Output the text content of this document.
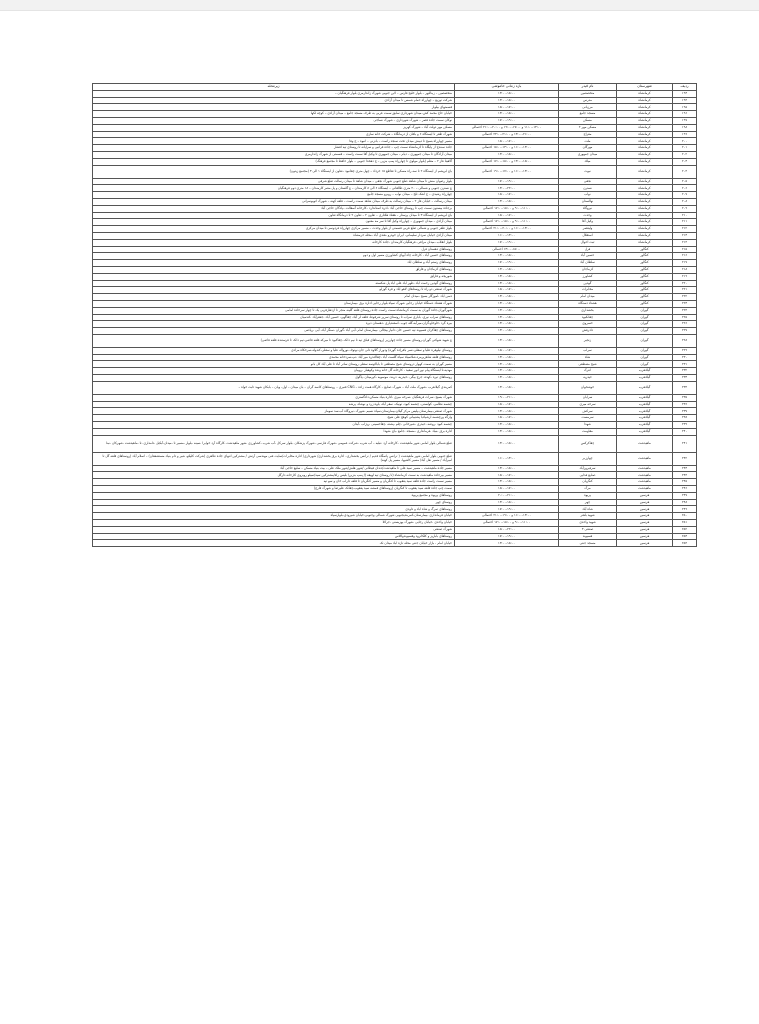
ردیف	شهرستان	نام فیدر	بازه زمانی خاموشی	زیرمحله
۱۹۳	کرمانشاه	متخصصین	۱۳:۰۰-۱۵:۰۰	متخصصین – زینالنهر – بلوار خلیج فارس – لاین جنوبی شهرک زاندارمری بلوار فرهنگیان –
۱۹۴	کرمانشاه	مدرس	۱۳:۰۰-۱۵:۰۰	شرکت توزیع – چهارراه حمام شمس تا میدان آزادی
۱۹۵	کرمانشاه	مرزبانی	۱۵:۰۰-۱۷:۰۰	قسمتهای بیلوار
۱۹۶	کرمانشاه	مسجد جامع	۱۳:۰۰-۱۵:۰۰	خیابان حاج محمد کش–میدان شهرداری سابق سمت غربی به طرف مسجد جامع – میدان آزادی – کوچه لکها
۱۹۷	کرمانشاه	مسکن	۱۷:۰۰-۱۹:۰۰	نوکان سمت جاده قصر – شهرک شهرداری – شهرک نساجی
۱۹۸	کرمانشاه	مسکن مهر ۲	۱۱:۰۰-۱۳:۰۰ و ۱۷:۰۰-۱۹:۰۰ و ۲۰:۰۰-۲۱:۰۰ احتمالی	مسکن مهر دولت آباد – شهرک کهریز
۱۹۹	کرمانشاه	معراج	۱۳:۰۰-۲۱:۰۰ و ۲۱:۰۰-۲۳:۰۰ احتمالی	شهرک ظفر تا ایستگاه ۶ و باغان از درمانگاه – شرکت خانه سازی
۲۰۰	کرمانشاه	ملت	۱۵:۰۰-۱۷:۰۰	مسیر چهارراه بسیج تا دبیش میدان تخت سنجد راست – بانزنی – انبوه – ج وفا
۲۰۱	کرمانشاه	مهرگان	۱۱:۰۰-۱۳:۰۰ و ۱۳:۰۰-۱۵:۰۰ احتمالی	جاده سنندج از پایگاه تا کرمانشاه سمت چپ – جاده قرانیی و سرایانه تا روستای تپه افشار
۲۰۲	کرمانشاه	میدان جمهوری	۱۳:۰۰-۱۵:۰۰	میدان آزادگان تا میدان جمهوری – دیام – میدان جمهوری تا وکیل آقا سمت راست – قسمتی از شهرک زاندارمری
۲۰۳	کرمانشاه	میلاد	۱۳:۰۰-۱۵:۰۰ و ۱۵:۰۰-۱۷:۰۰ احتمالی	آلاهیتا فاز ۲ – معلم (بلوار مولوی تا چهارراه پمپ بنزین – ج دهخدا جنوبی – بلوار حافظ تا مجتمع فرهنگ)
۲۰۴	کرمانشاه	نبوت	۱۱:۰۰-۱۳:۰۰ و ۱۷:۰۰-۱۹:۰۰ احتمالی	باغ ابریشم از ایستگاه ۲ تا سه راه مسکن تا تقاطع ۱۵ خرداد – چهل متری چقانبود –تعاون از ایستگاه ۱ الی ۳ (مجتمع زیتون)
۲۰۵	کرمانشاه	نجفی	۱۷:۰۰-۱۹:۰۰	بلوار رضوان منش تا میدان شاهد ضلع جنوبی شهرک نجفی – میدان شاهد تا میدان رسالت ضلع شرقی
۲۰۶	کرمانشاه	نسترن	۱۳:۰۰-۲۲:۰۰	غ نسترن جنوبی و شمالی – ۲۰ متری طالقانی – ایستگاه ۶ الی ۸ کارمندان – غ گلستان و پل مصر کارمندان – ۱۸ متری دوم فرهنگیان
۲۰۷	کرمانشاه	نواب	۱۵:۰۰-۱۷:۰۰	چهارراه رشیدی – ج اشک تلخ – میدان نواب – روبرو مسجد جامع
۲۰۸	کرمانشاه	نهالستان	۱۳:۰۰-۱۵:۰۰	میدان رسالت – خیابان فاز ۲ – میدان رسالت به طرف میدان شاهد سمت راست – قلعه کهنه – شهرک اتوبوسرانی
۲۰۹	کرمانشاه	نیروگاه	۹:۰۰-۱۱:۰۰ و ۱۵:۰۰-۱۷:۰۰ احتمالی	برجاده بیستون سمت چپ تا روستای حاجی آباد –ادره استاندارد –کارخانه آسفالت –پادگان حاجی آباد
۲۱۰	کرمانشاه	وحدت	۱۵:۰۰-۱۷:۰۰	باغ ابریشم از ایستگاه ۳ تا میدان پرستار – هفتاد هکتاری – تعاون ۲ – تعاون ۲ تا درمانگاه تعاون
۲۱۱	کرمانشاه	وکیل آقا	۹:۰۰-۱۱:۰۰ و ۱۵:۰۰-۱۷:۰۰ احتمالی	میدان آزادی – میدان جمهوری – چهارراه وکیل آقا تا سر مه معنون
۲۱۲	کرمانشاه	ولیعصر	۱۱:۰۰-۱۳:۰۰ و ۲۰:۰۰-۲۱:۰۰ احتمالی	بلوار ظفر جنوبی و شمالی ضلع غربی قسمتی از بلوار وحدت – مسیر مرکزی چهارراه فردوسی تا میدان مرکزی
۲۱۳	کرمانشاه	استقلال	۱۱:۰۰-۱۳:۰۰	میدان آزادی خیابان سردار سلیمانی، ایران خودرو ،هندی آباد ،محله خرمشاه
۲۱۴	کرمانشاه	ثبت احوال	۱۷:۰۰-۱۹:۰۰	بلوار انقلاب ،میدان مراقی ،فرهنگیان،کارمندان ،جاده کارخانه
۲۱۵	کنگاور	فرل	۱۳:۰۰-۱۵:۰۰ احتمالی	روستاهای دهستان فرل
۲۱۶	کنگاور	حسین آباد	۱۳:۰۰-۱۵:۰۰	روستاهای خسین آباد ، کارخانه چاه آبهای کشاورزی مسیر اول و دوم
۲۱۷	کنگاور	سلطان آباد	۱۷:۰۰-۱۹:۰۰	روستاهای رستم آباد و سلطان اباد
۲۱۸	کنگاور	کرماجان	۱۳:۰۰-۱۵:۰۰	روستاهای کرماجان و قارلق
۲۱۹	کنگاور	کشاورز	۱۳:۰۰-۱۵:۰۰	شوریجه و قارلق
۲۲۰	کنگاور	گودین	۱۳:۰۰-۱۵:۰۰	روستاهای گودین رحمت اباد ،طهر اباد علی اباد پل شکسته
۲۲۱	کنگاور	مخابرات	۱۵:۰۰-۱۷:۰۰	شهرک صنعتی دو راه تا روستاهای لاهو اباد و قره گوزلو
۲۲۲	کنگاور	میدان امام	۱۳:۰۰-۱۵:۰۰	دسن اباد ،اموزگار بسیج ،میدان امام
۲۲۳	کنگاور	هشتاد دستگاه	۱۳:۰۰-۱۵:۰۰	شهرک هشتاد دستگاه خیابان رجایی شهرک سپاه بلوار رجایی اداره برق ،بیمارستان
۲۲۴	گوران	بخشداری	۱۳:۰۰-۱۵:۰۰	شهرگوران،جاده گوران به سمت کرمانشاه سمت راست جاده روستای قلعه گلینه منجر تا ازدهارقربی یک تا چهار سرخاده امامی
۲۲۵	گوران	چقانکبود	۱۳:۰۰-۱۵:۰۰	روستاهای سراب نیری، باباری سراب تا روستای سرپر شرقوط، قلعه لر آباد، چقاگهی، حسین آباد ،جعفرآباد ،کندمیان
۲۲۶	گوران	خسروی	۱۳:۰۰-۱۵:۰۰	ببره گرد ،خاوخاو،گران،میرآبه،گله جوب ،اسفندیاری ،دهستان دیره
۲۲۷	گوران	دادرفش	۱۳:۰۰-۱۵:۰۰	روستاهای چقاکران فسیوند تپه حسین خان دانیار بیجالی ،بیمارستان امام ،آبی آباد ،گوران ،سنگر آباد، آبی ،ریاضی
۲۲۸	گوران	زنجیر	۱۳:۰۰-۱۵:۰۰	غ شهید شوکتی گوران،روستای مسیر جاده چهارزبر (روستاهای قباق تپه تا نیم دانک–چقاکبود تا میرکه قلعه قاضی،تیم دانک تا فرستنده قلعه قاضی)
۲۲۹	گوران	سراب	۱۵:۰۰-۱۷:۰۰	روستای نیلوفره علیا و سفلی،نسر باقر(ده گوره) ودوراز گلاوه دلی جان،نوتوف،نورواله علیا و سفلی،کندوله،سرخکاه مرادی
۲۳۰	گوران	شاه	۱۳:۰۰-۱۵:۰۰	روستاهای قلعه شاهزیرمرد،شلاسیاه سیاه گلست آباد ،چقاکندره میر آباد ،تپ،سرذخانه محمدی
۲۳۱	گوران	شیخ مصطفی	۱۳:۰۰-۱۵:۰۰	مسیر گوران به سمت کهوار دروستای شیخ مصطفی تا باباکوسه سفلی روستای ساتر آباد تا علی آباد کل بانو
۲۳۲	گیلانغرب	انترک	۱۳:۰۰-۱۵:۰۰	مهدیه،تا ایستگاه پیام نور انور سفید ، کارخانه گل خانه ونده وکوهبار ،رویبان
۲۳۳	گیلانغرب	حیدریه	۱۳:۰۰-۱۵:۰۰	روستاهای تیره ،کهده، جرج بیگی ،حیدریه، دربند، موسویه ،کپرمیتان ،پاگول
۲۳۴	گیلانغرب	خوشخوان	۱۳:۰۰-۱۵:۰۰	کمربندی گیلانغرب –شهرک ملت آباد – شهرک صنایع – کارگاه همت زاده – CNG قنبری – روستاهای کاسه گران – بان میدان – اول، ویان – بابکان شهید ثابت خواه –
۲۳۵	گیلانغرب	سرابان	۱۹:۰۰-۲۱:۰۰	شهرک بسیج ،سرات فرهنگیان ،سرخه میری ،اداره بنیاد مسکن،دادگستری
۲۳۶	گیلانغرب	سرخه میری	۱۵:۰۰-۱۷:۰۰	چشمه نظامی، کولستی، چشمه کبود، تونیک، سفر آباد، باوه زرد و نوشاد، پرشه
۲۳۷	گیلانغرب	سرکش	۱۳:۰۰-۱۵:۰۰	شهرک صنعتی،بیمارستان،پلیس مرکز گیلان،بیمارستان،سپاه نسیم ،شهرک ،نیروگاه آب،سد سوماز
۲۳۸	گیلانغرب	سرمست	۱۵:۰۰-۱۷:۰۰	وارگه ورچشمه ارشیادبا پشتیبانی کوهچ علی شیخ،
۲۳۹	گیلانغرب	شهدا	۱۳:۰۰-۱۵:۰۰	چشمه کبود ،روضه ،حیدری ،شیرخانی ،چلم ،پشته ،چقاحسینی ،ریژاب ،آبدان
۲۴۰	گیلانغرب	مقاومت	۱۳:۰۰-۱۵:۰۰	اداره برق ،بنیاد ،فرمانداری ،مسجد ،جامع ،باغ ،شهدا
۲۴۱	ماهیدشت	چقاکرکس	۱۳:۰۰-۱۵:۰۰	ضلع شمالی بلوار امامی شهر ماهیدشت ،کارخانه آرد ،تبلیه – آب شرب ،شرکت عمومی ،شهرک فارسی ،شهرک پزشکان ،بلوار سرکل ،آب شرب ،کشاورزی ،شهر ماهیدشت ،کارگاه آرد خوابرا ،سینه ،بلوار ،مسیر تا ،میدان،آبکیل ،دامداری ،تا ،ماهیدشت ،شهرکان ،نبنا
۲۴۲	ماهیدشت	چهارزبر	۱۱:۰۰-۱۳:۰۰	ضلع جنوبی بلوار امامی شهر ماهیدشت ( ترانس پاسگاه قدیم / ترانس بخشداری– اداره برق بخشداری/ شهرداری/ اداره مخابرات/سایت فنی مهندسی آرتش / مشترکین انتهای جاده طاهری (شرکت کلپکو، شیر و دام بنیاد مستضعفان) – اسلام آباد (روستاهای قلعه گل تا امیرآباد / مسیر نعل آباد/ مسیر کاشیها، مسیر پل کهنه)
۲۴۳	ماهیدشت	سرفیروزآباد	۱۳:۰۰-۱۵:۰۰	مسیر جاده ماهیدشت – مسیر سید علی تا ماهیدشت/دندان قیطانی /شهر هلش/شهر ملک علی – بیت بنیاد مسکن – سلیع حاجی آباد
۲۴۴	ماهیدشت	صنایع فذایی	۱۵:۰۰-۱۷:۰۰	مسیر بیرجاده ماهیدشت به سمت کرمانشاه (تا روستای تپه لهیفه )/ پمپ بنزین/ بلیس راه/مشترکین سید/سیلو روبروی کارخانه دارگل
۲۴۵	ماهیدشت	کنگریان	۱۳:۰۰-۱۵:۰۰	مسیر سمت راست جاده قلعه سید یعقوب تا کنگریان و مسیر کنگریان تا قلعه داراب خان و سو تپه
۲۴۶	ماهیدشت	مرک	۱۵:۰۰-۱۷:۰۰	سمت چپ جاده قلعه سید یعقوب تا کنگریان (روستاهای قمشه سید یعقوب،چقانک علیرضا و شهرک قارچ)
۲۴۷	هرسین	پرپوه	۲۰:۰۰-۲۱:۰۰	روستاهای پریوه و مجتمع پریوه
۲۴۸	هرسین	چهر	۱۳:۰۰-۱۵:۰۰	روستای چهر
۲۴۹	هرسین	شاه آباد	۱۷:۰۰-۱۹:۰۰	روستاهای تمرگ و شاه اباد و داودی
۲۵۰	هرسین	شهید باهنر	۱۱:۰۰-۱۳:۰۰ و ۱۹:۰۰-۲۱:۰۰ احتمالی	خیابان فرمانداری ،بیمارستان،کمربندیجنوبی شهرک شمالی وجنوبی،خیابان شیرودی،بلوارسپاه
۲۵۱	هرسین	شهید واحدی	۹:۰۰-۱۱:۰۰ و ۱۵:۰۰-۱۷:۰۰ احتمالی	خیابان واحدی ،خیابان رجایی ،شهرک بهزیستی ،جرکلا
۲۵۲	هرسین	صنعتی ۳	۱۵:۰۰-۲۲:۰۰	شهرک صنعتی
۲۵۳	هرسین	فسیوند	۱۷:۰۰-۱۹:۰۰	روستاهای باباریز و کلکانرود وقسیوندوکلاس
۲۵۴	هرسین	مسجد جنتی	۱۳:۰۰-۱۵:۰۰	خیابان امام ، بازار خیابان جنتی محله تازه اباد میدان تک
